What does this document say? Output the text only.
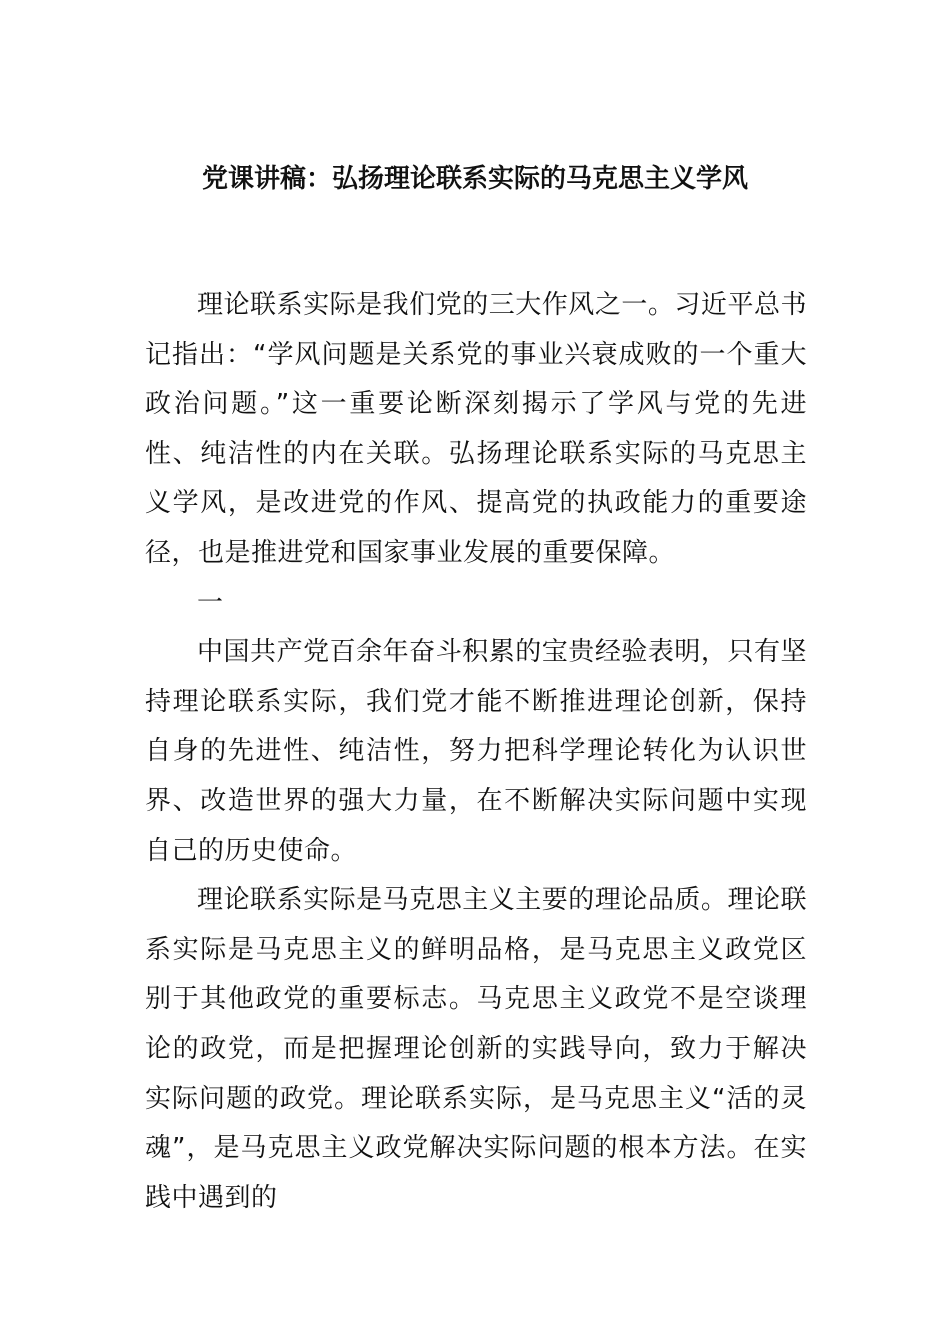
党课讲稿：弘扬理论联系实际的马克思主义学风

理论联系实际是我们党的三大作风之一。习近平总书记指出：“学风问题是关系党的事业兴衰成败的一个重大政治问题。”这一重要论断深刻揭示了学风与党的先进性、纯洁性的内在关联。弘扬理论联系实际的马克思主义学风，是改进党的作风、提高党的执政能力的重要途径，也是推进党和国家事业发展的重要保障。

一

中国共产党百余年奋斗积累的宝贵经验表明，只有坚持理论联系实际，我们党才能不断推进理论创新，保持自身的先进性、纯洁性，努力把科学理论转化为认识世界、改造世界的强大力量，在不断解决实际问题中实现自己的历史使命。

理论联系实际是马克思主义主要的理论品质。理论联系实际是马克思主义的鲜明品格，是马克思主义政党区别于其他政党的重要标志。马克思主义政党不是空谈理论的政党，而是把握理论创新的实践导向，致力于解决实际问题的政党。理论联系实际，是马克思主义“活的灵魂”，是马克思主义政党解决实际问题的根本方法。在实践中遇到的
